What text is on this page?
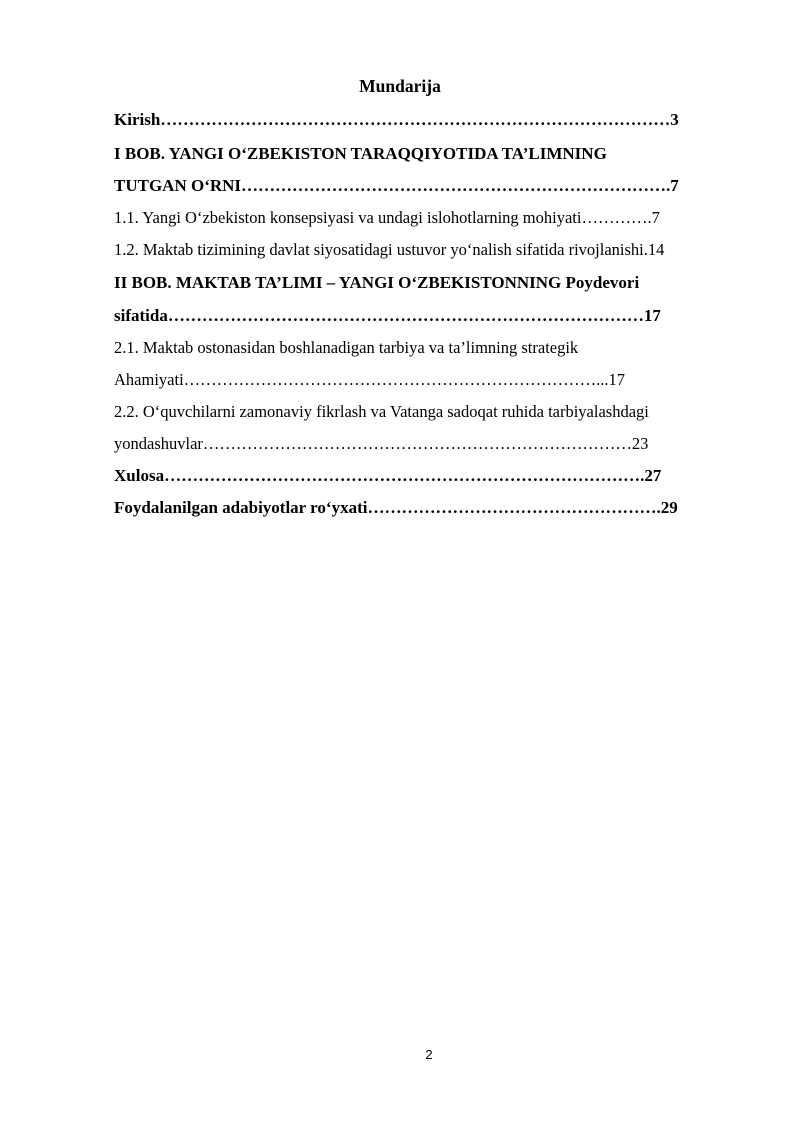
Mundarija
Kirish………………………………………………………………………………3
I BOB. YANGI O‘ZBEKISTON TARAQQIYOTIDA TA’LIMNING
TUTGAN O‘RNI………………………………………………………………….7
1.1. Yangi O‘zbekiston konsepsiyasi va undagi islohotlarning mohiyati………….7
1.2. Maktab tizimining davlat siyosatidagi ustuvor yo‘nalish sifatida rivojlanishi.14
II BOB. MAKTAB TA’LIMI – YANGI O‘ZBEKISTONNING Poydevori
sifatida…………………………………………………………………………17
2.1. Maktab ostonasidan boshlanadigan tarbiya va ta’limning strategik
Ahamiyati…………………………………………………………………...17
2.2. O‘quvchilarni zamonaviy fikrlash va Vatanga sadoqat ruhida tarbiyalashdagi
yondashuvlar……………………………………………………………………23
Xulosa………………………………………………………………………….27
Foydalanilgan adabiyotlar ro‘yxati…………………………………………….29
2
